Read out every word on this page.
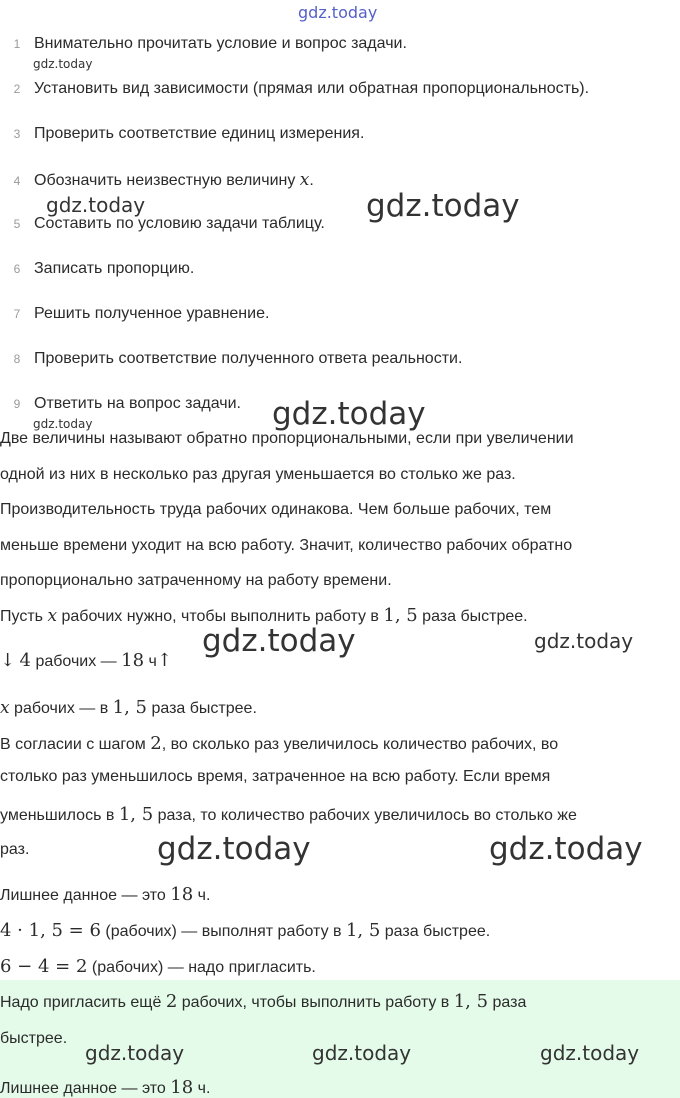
gdz.today
gdz.today
gdz.today	gdz.today
gdz.today
gdz.today
gdz.today	gdz.today
gdz.today	gdz.today
gdz.today	gdz.today	gdz.today
1 Внимательно прочитать условие и вопрос задачи.
2 Установить вид зависимости (прямая или обратная пропорциональность).
3 Проверить соответствие единиц измерения.
4 Обозначить неизвестную величину x.
5 Составить по условию задачи таблицу.
6 Записать пропорцию.
7 Решить полученное уравнение.
8 Проверить соответствие полученного ответа реальности.
9 Ответить на вопрос задачи.
Две величины называют обратно пропорциональными, если при увеличении
одной из них в несколько раз другая уменьшается во столько же раз.
Производительность труда рабочих одинакова. Чем больше рабочих, тем
меньше времени уходит на всю работу. Значит, количество рабочих обратно
пропорционально затраченному на работу времени.
Пусть x рабочих нужно, чтобы выполнить работу в 1, 5 раза быстрее.
↓ 4 рабочих — 18 ч↑
x рабочих — в 1, 5 раза быстрее.
В согласии с шагом 2, во сколько раз увеличилось количество рабочих, во
столько раз уменьшилось время, затраченное на всю работу. Если время
уменьшилось в 1, 5 раза, то количество рабочих увеличилось во столько же
раз.
Лишнее данное — это 18 ч.
4 · 1, 5 = 6 (рабочих) — выполнят работу в 1, 5 раза быстрее.
6 − 4 = 2 (рабочих) — надо пригласить.
Надо пригласить ещё 2 рабочих, чтобы выполнить работу в 1, 5 раза
быстрее.
Лишнее данное — это 18 ч.
